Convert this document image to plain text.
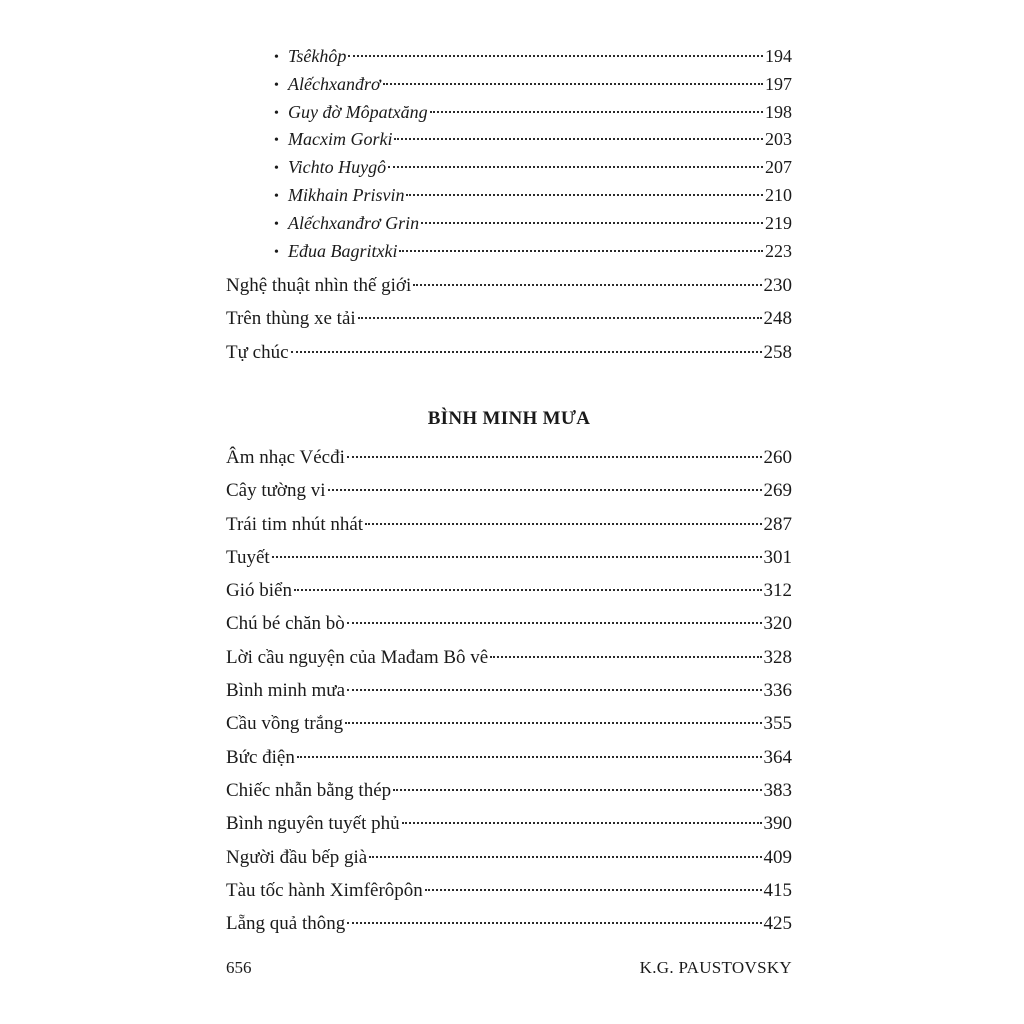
• Tsêkhôp	194
• Alếchxanđrơ	197
• Guy đờ Môpatxăng	198
• Macxim Gorki	203
• Vichto Huygô	207
• Mikhain Prisvin	210
• Alếchxanđrơ Grin	219
• Eđua Bagritxki	223
Nghệ thuật nhìn thế giới	230
Trên thùng xe tải	248
Tự chúc	258
BÌNH MINH MƯA
Âm nhạc Vécđi	260
Cây tường vi	269
Trái tim nhút nhát	287
Tuyết	301
Gió biển	312
Chú bé chăn bò	320
Lời cầu nguyện của Mađam Bô vê	328
Bình minh mưa	336
Cầu vồng trắng	355
Bức điện	364
Chiếc nhẫn bằng thép	383
Bình nguyên tuyết phủ	390
Người đầu bếp già	409
Tàu tốc hành Ximfêrôpôn	415
Lẵng quả thông	425
656	K.G. PAUSTOVSKY
